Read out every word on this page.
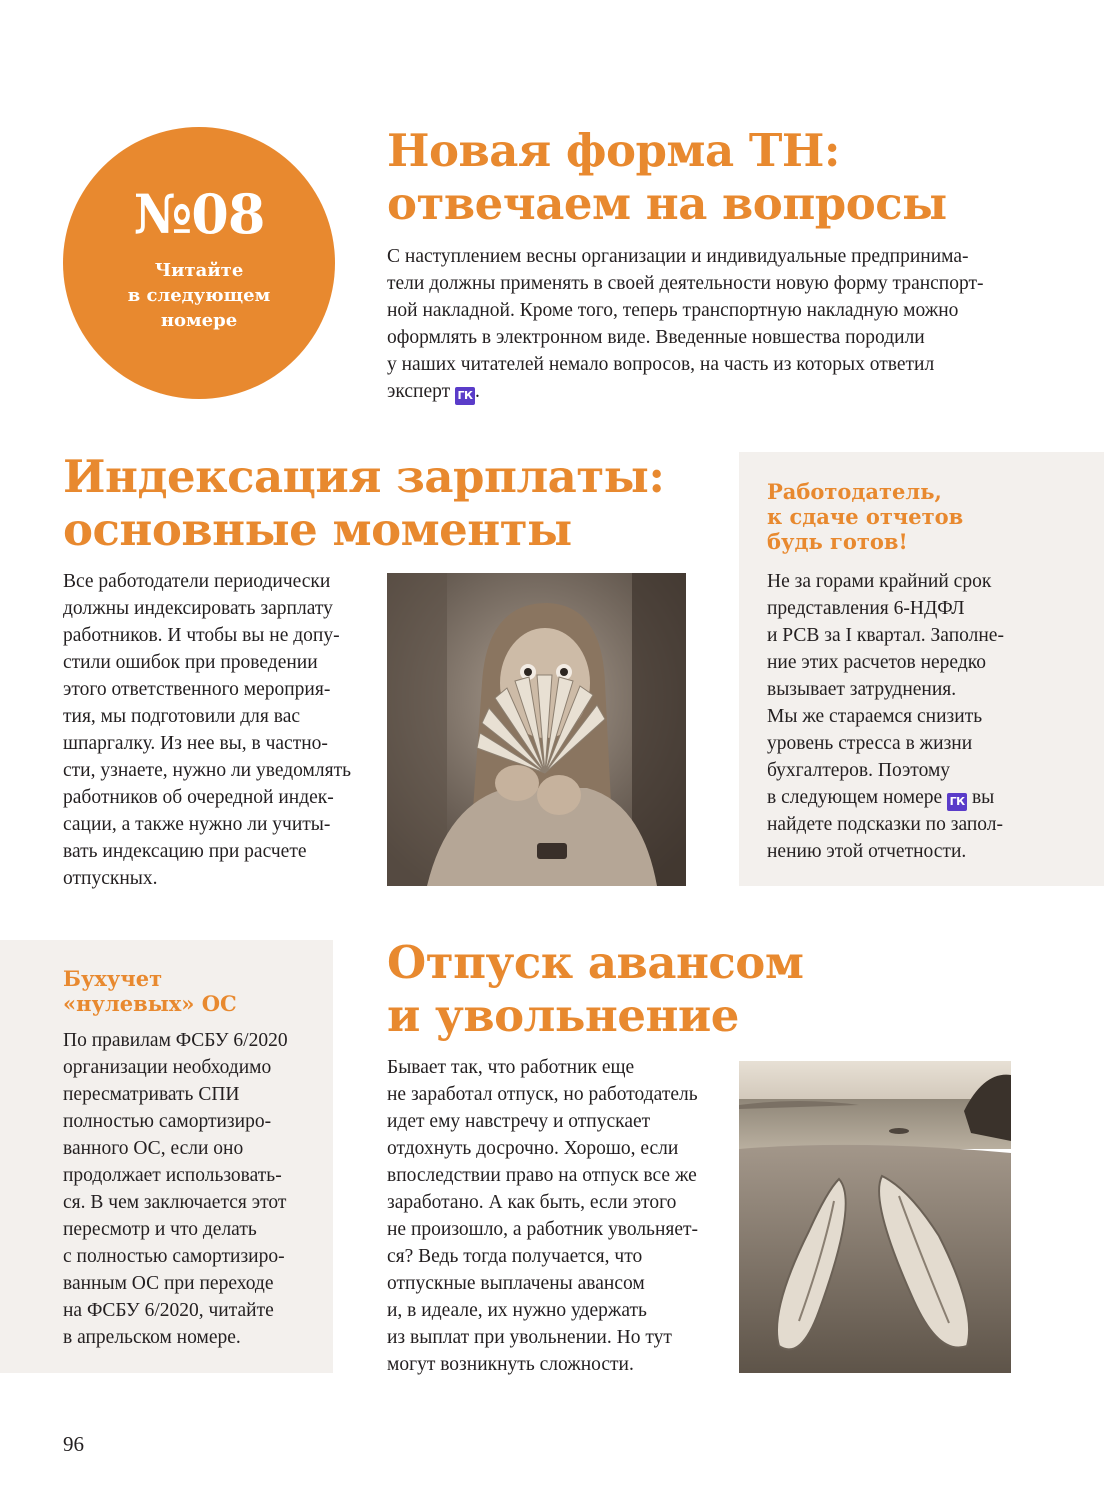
№08
Читайте
в следующем
номере
Новая форма ТН:
отвечаем на вопросы
С наступлением весны организации и индивидуальные предпринима-
тели должны применять в своей деятельности новую форму транспорт-
ной накладной. Кроме того, теперь транспортную накладную можно
оформлять в электронном виде. Введенные новшества породили
у наших читателей немало вопросов, на часть из которых ответил
эксперт ГК .
Индексация зарплаты:
основные моменты
Все работодатели периодически
должны индексировать зарплату
работников. И чтобы вы не допу-
стили ошибок при проведении
этого ответственного мероприя-
тия, мы подготовили для вас
шпаргалку. Из нее вы, в частно-
сти, узнаете, нужно ли уведомлять
работников об очередной индек-
сации, а также нужно ли учиты-
вать индексацию при расчете
отпускных.
Работодатель,
к сдаче отчетов
будь готов!
Не за горами крайний срок
представления 6-НДФЛ
и РСВ за I квартал. Заполне-
ние этих расчетов нередко
вызывает затруднения.
Мы же стараемся снизить
уровень стресса в жизни
бухгалтеров. Поэтому
в следующем номере ГК вы
найдете подсказки по запол-
нению этой отчетности.
Бухучет
«нулевых» ОС
По правилам ФСБУ 6/2020
организации необходимо
пересматривать СПИ
полностью самортизиро-
ванного ОС, если оно
продолжает использовать-
ся. В чем заключается этот
пересмотр и что делать
с полностью самортизиро-
ванным ОС при переходе
на ФСБУ 6/2020, читайте
в апрельском номере.
Отпуск авансом
и увольнение
Бывает так, что работник еще
не заработал отпуск, но работодатель
идет ему навстречу и отпускает
отдохнуть досрочно. Хорошо, если
впоследствии право на отпуск все же
заработано. А как быть, если этого
не произошло, а работник увольняет-
ся? Ведь тогда получается, что
отпускные выплачены авансом
и, в идеале, их нужно удержать
из выплат при увольнении. Но тут
могут возникнуть сложности.
96
